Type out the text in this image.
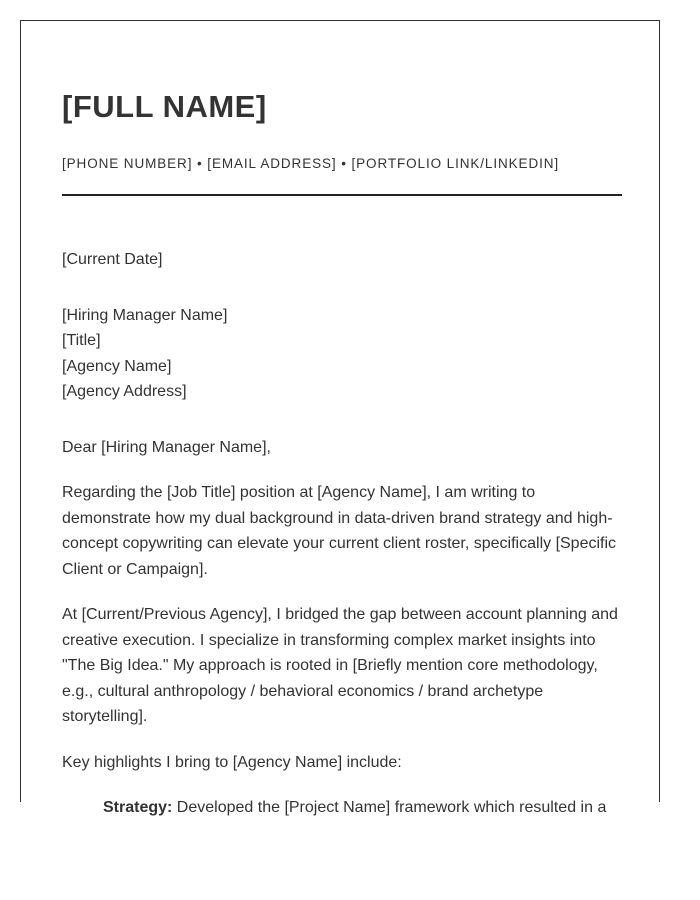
[FULL NAME]
[PHONE NUMBER] • [EMAIL ADDRESS] • [PORTFOLIO LINK/LINKEDIN]

[Current Date]

[Hiring Manager Name]

[Title]

[Agency Name]

[Agency Address]

Dear [Hiring Manager Name],

Regarding the [Job Title] position at [Agency Name], I am writing to demonstrate how my dual background in data-driven brand strategy and high-concept copywriting can elevate your current client roster, specifically [Specific Client or Campaign].

At [Current/Previous Agency], I bridged the gap between account planning and creative execution. I specialize in transforming complex market insights into "The Big Idea." My approach is rooted in [Briefly mention core methodology, e.g., cultural anthropology / behavioral economics / brand archetype storytelling].

Key highlights I bring to [Agency Name] include:

Strategy: Developed the [Project Name] framework which resulted in a
